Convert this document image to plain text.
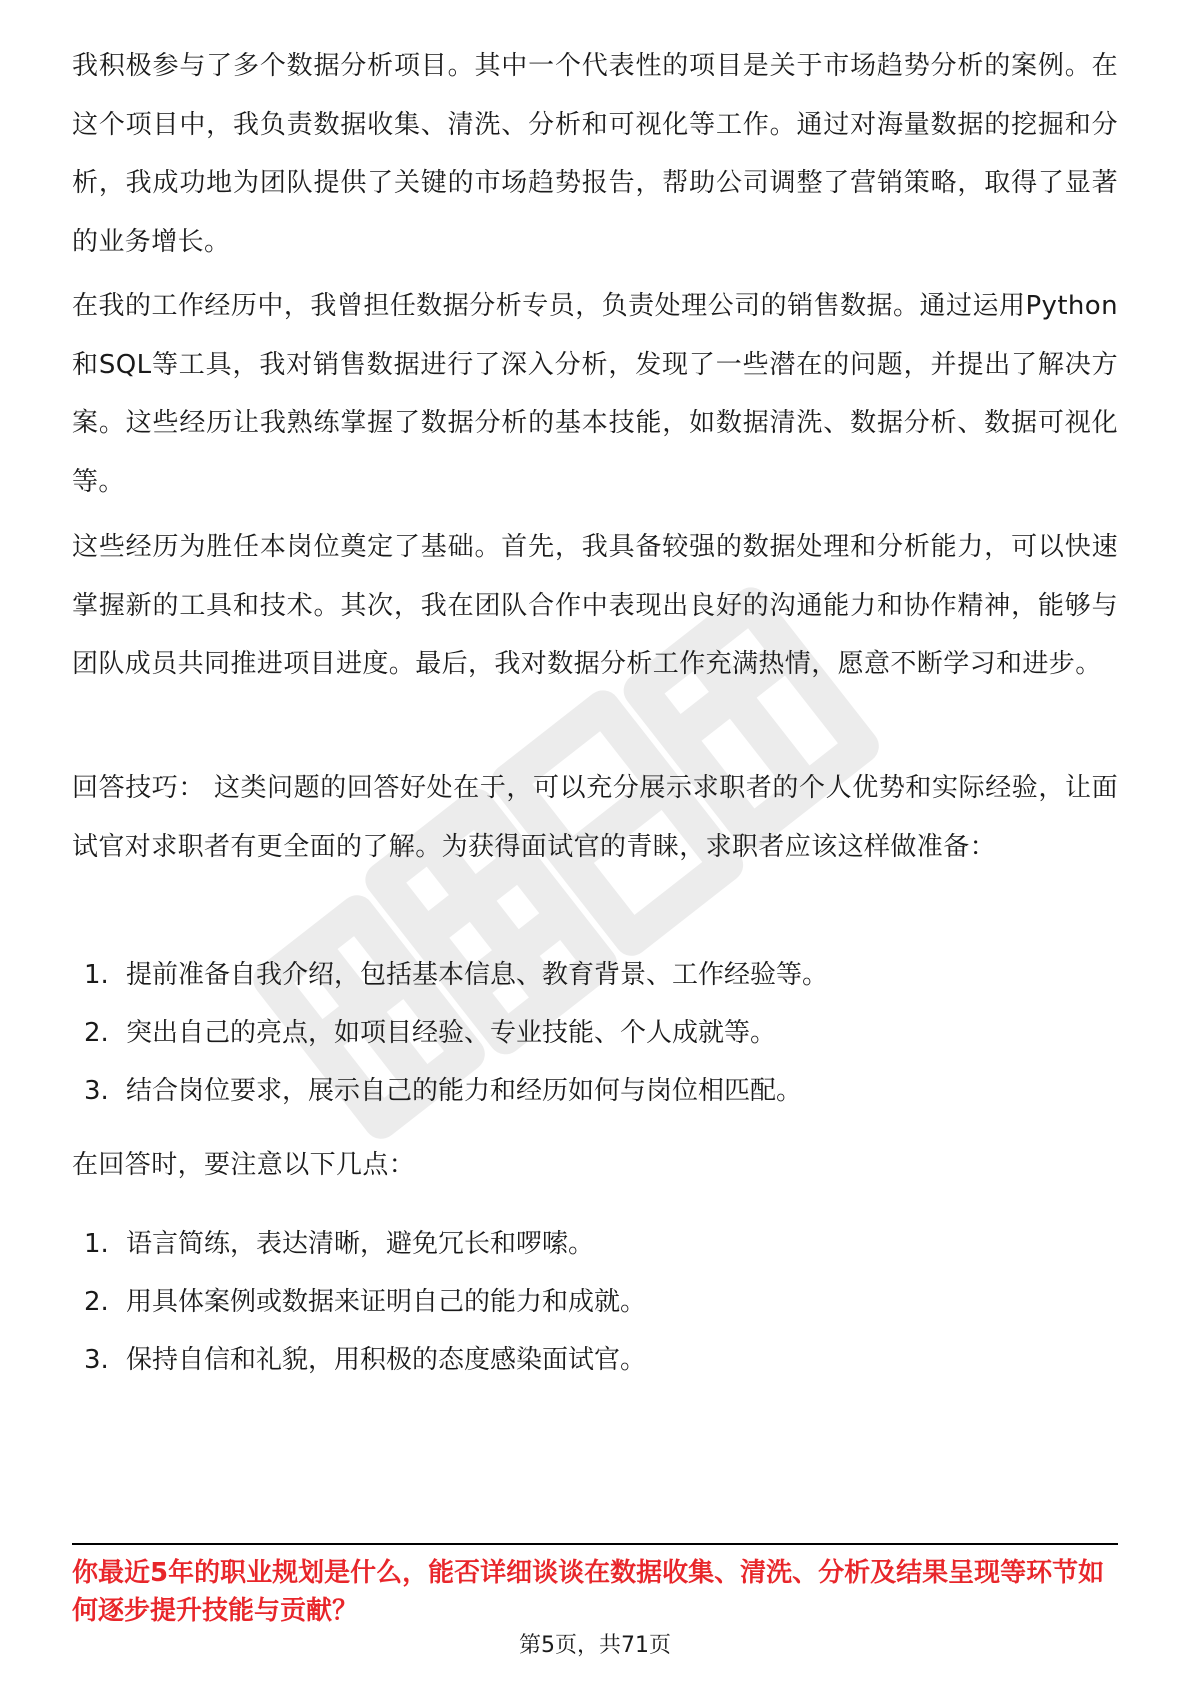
我积极参与了多个数据分析项目。其中一个代表性的项目是关于市场趋势分析的案例。在这个项目中，我负责数据收集、清洗、分析和可视化等工作。通过对海量数据的挖掘和分析，我成功地为团队提供了关键的市场趋势报告，帮助公司调整了营销策略，取得了显著的业务增长。

在我的工作经历中，我曾担任数据分析专员，负责处理公司的销售数据。通过运用Python和SQL等工具，我对销售数据进行了深入分析，发现了一些潜在的问题，并提出了解决方案。这些经历让我熟练掌握了数据分析的基本技能，如数据清洗、数据分析、数据可视化等。

这些经历为胜任本岗位奠定了基础。首先，我具备较强的数据处理和分析能力，可以快速掌握新的工具和技术。其次，我在团队合作中表现出良好的沟通能力和协作精神，能够与团队成员共同推进项目进度。最后，我对数据分析工作充满热情，愿意不断学习和进步。

回答技巧： 这类问题的回答好处在于，可以充分展示求职者的个人优势和实际经验，让面试官对求职者有更全面的了解。为获得面试官的青睐，求职者应该这样做准备：

1. 提前准备自我介绍，包括基本信息、教育背景、工作经验等。
2. 突出自己的亮点，如项目经验、专业技能、个人成就等。
3. 结合岗位要求，展示自己的能力和经历如何与岗位相匹配。

在回答时，要注意以下几点：

1. 语言简练，表达清晰，避免冗长和啰嗦。
2. 用具体案例或数据来证明自己的能力和成就。
3. 保持自信和礼貌，用积极的态度感染面试官。

你最近5年的职业规划是什么，能否详细谈谈在数据收集、清洗、分析及结果呈现等环节如何逐步提升技能与贡献？

第5页，共71页
